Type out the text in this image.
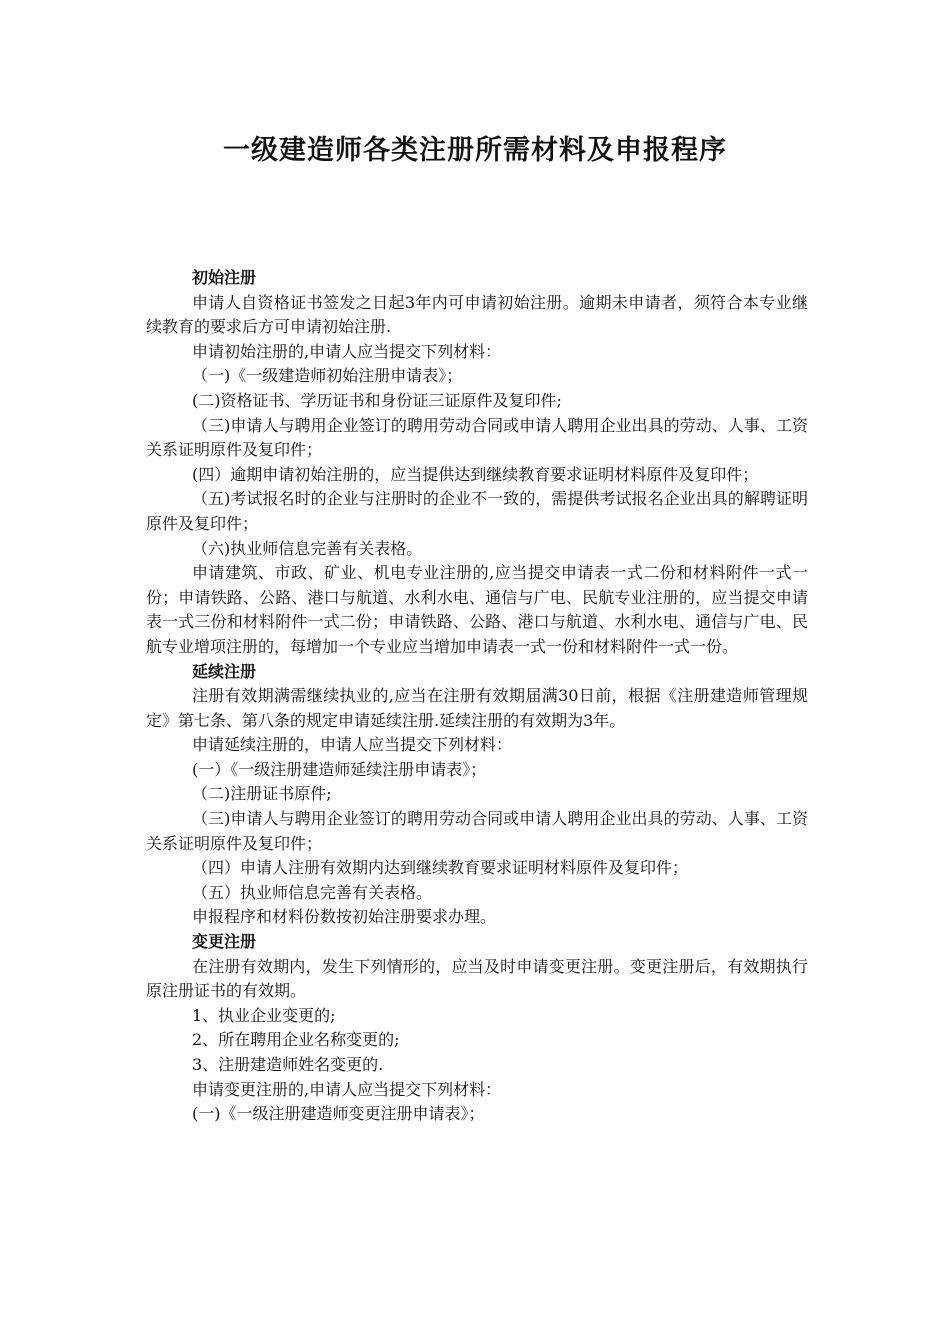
一级建造师各类注册所需材料及申报程序

初始注册

申请人自资格证书签发之日起3年内可申请初始注册。逾期未申请者，须符合本专业继续教育的要求后方可申请初始注册.

申请初始注册的,申请人应当提交下列材料：

（一)《一级建造师初始注册申请表》；

(二)资格证书、学历证书和身份证三证原件及复印件;

（三)申请人与聘用企业签订的聘用劳动合同或申请人聘用企业出具的劳动、人事、工资关系证明原件及复印件；

(四）逾期申请初始注册的，应当提供达到继续教育要求证明材料原件及复印件；

（五)考试报名时的企业与注册时的企业不一致的，需提供考试报名企业出具的解聘证明原件及复印件；

（六)执业师信息完善有关表格。

申请建筑、市政、矿业、机电专业注册的,应当提交申请表一式二份和材料附件一式一份；申请铁路、公路、港口与航道、水利水电、通信与广电、民航专业注册的，应当提交申请表一式三份和材料附件一式二份；申请铁路、公路、港口与航道、水利水电、通信与广电、民航专业增项注册的，每增加一个专业应当增加申请表一式一份和材料附件一式一份。

延续注册

注册有效期满需继续执业的,应当在注册有效期届满30日前，根据《注册建造师管理规定》第七条、第八条的规定申请延续注册.延续注册的有效期为3年。

申请延续注册的，申请人应当提交下列材料：

(一）《一级注册建造师延续注册申请表》；

（二)注册证书原件;

（三)申请人与聘用企业签订的聘用劳动合同或申请人聘用企业出具的劳动、人事、工资关系证明原件及复印件；

（四）申请人注册有效期内达到继续教育要求证明材料原件及复印件；

（五）执业师信息完善有关表格。

申报程序和材料份数按初始注册要求办理。

变更注册

在注册有效期内，发生下列情形的，应当及时申请变更注册。变更注册后，有效期执行原注册证书的有效期。

1、执业企业变更的;

2、所在聘用企业名称变更的;

3、注册建造师姓名变更的.

申请变更注册的,申请人应当提交下列材料：

(一)《一级注册建造师变更注册申请表》；
